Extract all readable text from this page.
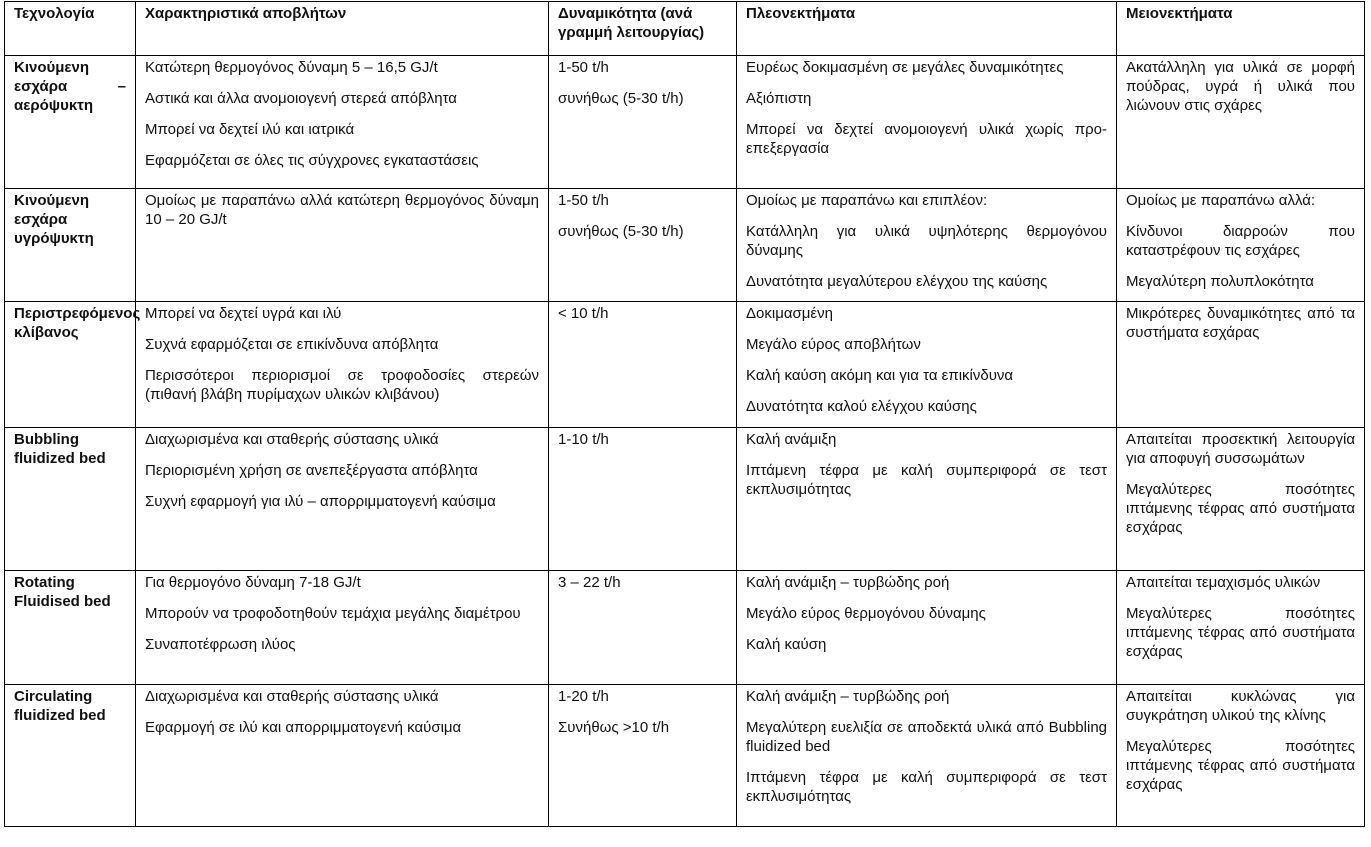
Τεχνολογία	Χαρακτηριστικά αποβλήτων	Δυναμικότητα (ανά γραμμή λειτουργίας)	Πλεονεκτήματα	Μειονεκτήματα
Κινούμενη εσχάρα – αερόψυκτη	Κατώτερη θερμογόνος δύναμη 5 – 16,5 GJ/t
Αστικά και άλλα ανομοιογενή στερεά απόβλητα
Μπορεί να δεχτεί ιλύ και ιατρικά
Εφαρμόζεται σε όλες τις σύγχρονες εγκαταστάσεις	1-50 t/h
συνήθως (5-30 t/h)	Ευρέως δοκιμασμένη σε μεγάλες δυναμικότητες
Αξιόπιστη
Μπορεί να δεχτεί ανομοιογενή υλικά χωρίς προ-επεξεργασία	Ακατάλληλη για υλικά σε μορφή πούδρας, υγρά ή υλικά που λιώνουν στις σχάρες

Κινούμενη εσχάρα υγρόψυκτη	Ομοίως με παραπάνω αλλά κατώτερη θερμογόνος δύναμη 10 – 20 GJ/t	1-50 t/h
συνήθως (5-30 t/h)	Ομοίως με παραπάνω και επιπλέον:
Κατάλληλη για υλικά υψηλότερης θερμογόνου δύναμης
Δυνατότητα μεγαλύτερου ελέγχου της καύσης	Ομοίως με παραπάνω αλλά:
Κίνδυνοι διαρροών που καταστρέφουν τις εσχάρες
Μεγαλύτερη πολυπλοκότητα

Περιστρεφόμενος κλίβανος	Μπορεί να δεχτεί υγρά και ιλύ
Συχνά εφαρμόζεται σε επικίνδυνα απόβλητα
Περισσότεροι περιορισμοί σε τροφοδοσίες στερεών (πιθανή βλάβη πυρίμαχων υλικών κλιβάνου)	< 10 t/h	Δοκιμασμένη
Μεγάλο εύρος αποβλήτων
Καλή καύση ακόμη και για τα επικίνδυνα
Δυνατότητα καλού ελέγχου καύσης	Μικρότερες δυναμικότητες από τα συστήματα εσχάρας

Bubbling fluidized bed	Διαχωρισμένα και σταθερής σύστασης υλικά
Περιορισμένη χρήση σε ανεπεξέργαστα απόβλητα
Συχνή εφαρμογή για ιλύ – απορριμματογενή καύσιμα	1-10 t/h	Καλή ανάμιξη
Ιπτάμενη τέφρα με καλή συμπεριφορά σε τεστ εκπλυσιμότητας	Απαιτείται προσεκτική λειτουργία για αποφυγή συσσωμάτων
Μεγαλύτερες ποσότητες ιπτάμενης τέφρας από συστήματα εσχάρας

Rotating Fluidised bed	Για θερμογόνο δύναμη 7-18 GJ/t
Μπορούν να τροφοδοτηθούν τεμάχια μεγάλης διαμέτρου
Συναποτέφρωση ιλύος	3 – 22 t/h	Καλή ανάμιξη – τυρβώδης ροή
Μεγάλο εύρος θερμογόνου δύναμης
Καλή καύση	Απαιτείται τεμαχισμός υλικών
Μεγαλύτερες ποσότητες ιπτάμενης τέφρας από συστήματα εσχάρας

Circulating fluidized bed	Διαχωρισμένα και σταθερής σύστασης υλικά
Εφαρμογή σε ιλύ και απορριμματογενή καύσιμα	1-20 t/h
Συνήθως >10 t/h	Καλή ανάμιξη – τυρβώδης ροή
Μεγαλύτερη ευελιξία σε αποδεκτά υλικά από Bubbling fluidized bed
Ιπτάμενη τέφρα με καλή συμπεριφορά σε τεστ εκπλυσιμότητας	Απαιτείται κυκλώνας για συγκράτηση υλικού της κλίνης
Μεγαλύτερες ποσότητες ιπτάμενης τέφρας από συστήματα εσχάρας
